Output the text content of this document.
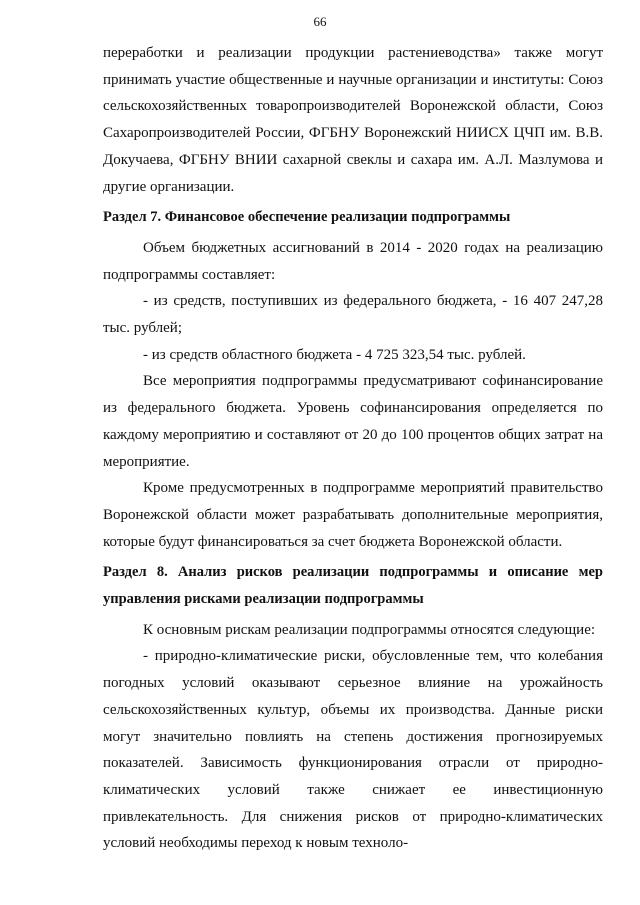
66

переработки и реализации продукции растениеводства» также могут принимать участие общественные и научные организации и институты: Союз сельскохозяйственных товаропроизводителей Воронежской области, Союз Сахаропроизводителей России, ФГБНУ Воронежский НИИСХ ЦЧП им. В.В. Докучаева, ФГБНУ ВНИИ сахарной свеклы и сахара им. А.Л. Мазлумова и другие организации.

Раздел 7. Финансовое обеспечение реализации подпрограммы

Объем бюджетных ассигнований в 2014 - 2020 годах на реализацию подпрограммы составляет:

- из средств, поступивших из федерального бюджета, - 16 407 247,28 тыс. рублей;

- из средств областного бюджета - 4 725 323,54 тыс. рублей.

Все мероприятия подпрограммы предусматривают софинансирование из федерального бюджета. Уровень софинансирования определяется по каждому мероприятию и составляют от 20 до 100 процентов общих затрат на мероприятие.

Кроме предусмотренных в подпрограмме мероприятий правительство Воронежской области может разрабатывать дополнительные мероприятия, которые будут финансироваться за счет бюджета Воронежской области.

Раздел 8. Анализ рисков реализации подпрограммы и описание мер управления рисками реализации подпрограммы

К основным рискам реализации подпрограммы относятся следующие:

- природно-климатические риски, обусловленные тем, что колебания погодных условий оказывают серьезное влияние на урожайность сельскохозяйственных культур, объемы их производства. Данные риски могут значительно повлиять на степень достижения прогнозируемых показателей. Зависимость функционирования отрасли от природно-климатических условий также снижает ее инвестиционную привлекательность. Для снижения рисков от природно-климатических условий необходимы переход к новым техноло-
